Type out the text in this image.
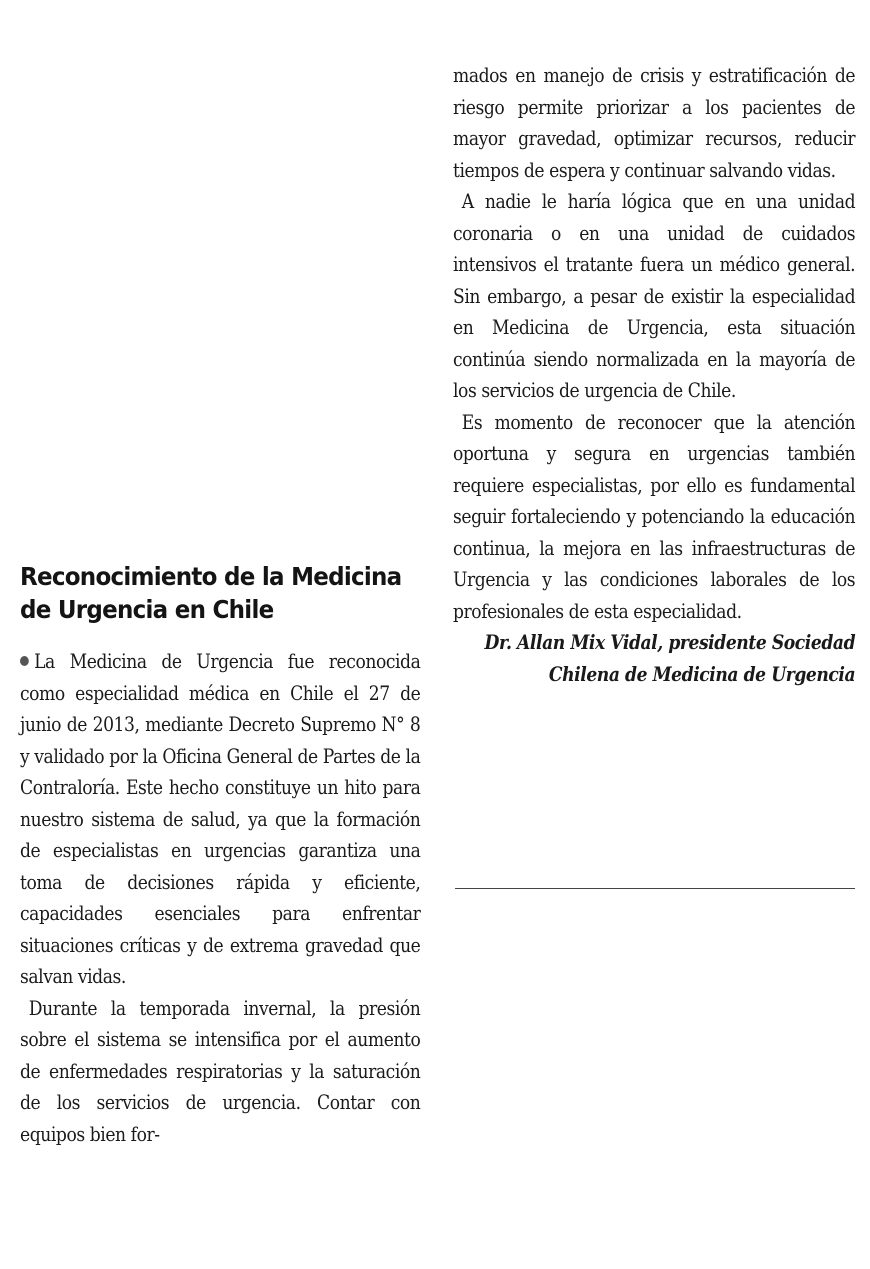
mados en manejo de crisis y estratificación de riesgo permite priorizar a los pacientes de mayor gravedad, optimizar recursos, reducir tiempos de espera y continuar salvando vidas.

A nadie le haría lógica que en una unidad coronaria o en una unidad de cuidados intensivos el tratante fuera un médico general. Sin embargo, a pesar de existir la especialidad en Medicina de Urgencia, esta situación continúa siendo normalizada en la mayoría de los servicios de urgencia de Chile.

Es momento de reconocer que la atención oportuna y segura en urgencias también requiere especialistas, por ello es fundamental seguir fortaleciendo y potenciando la educación continua, la mejora en las infraestructuras de Urgencia y las condiciones laborales de los profesionales de esta especialidad.

Dr. Allan Mix Vidal, presidente Sociedad Chilena de Medicina de Urgencia

Reconocimiento de la Medicina de Urgencia en Chile

La Medicina de Urgencia fue reconocida como especialidad médica en Chile el 27 de junio de 2013, mediante Decreto Supremo N° 8 y validado por la Oficina General de Partes de la Contraloría. Este hecho constituye un hito para nuestro sistema de salud, ya que la formación de especialistas en urgencias garantiza una toma de decisiones rápida y eficiente, capacidades esenciales para enfrentar situaciones críticas y de extrema gravedad que salvan vidas.

Durante la temporada invernal, la presión sobre el sistema se intensifica por el aumento de enfermedades respiratorias y la saturación de los servicios de urgencia. Contar con equipos bien for-
